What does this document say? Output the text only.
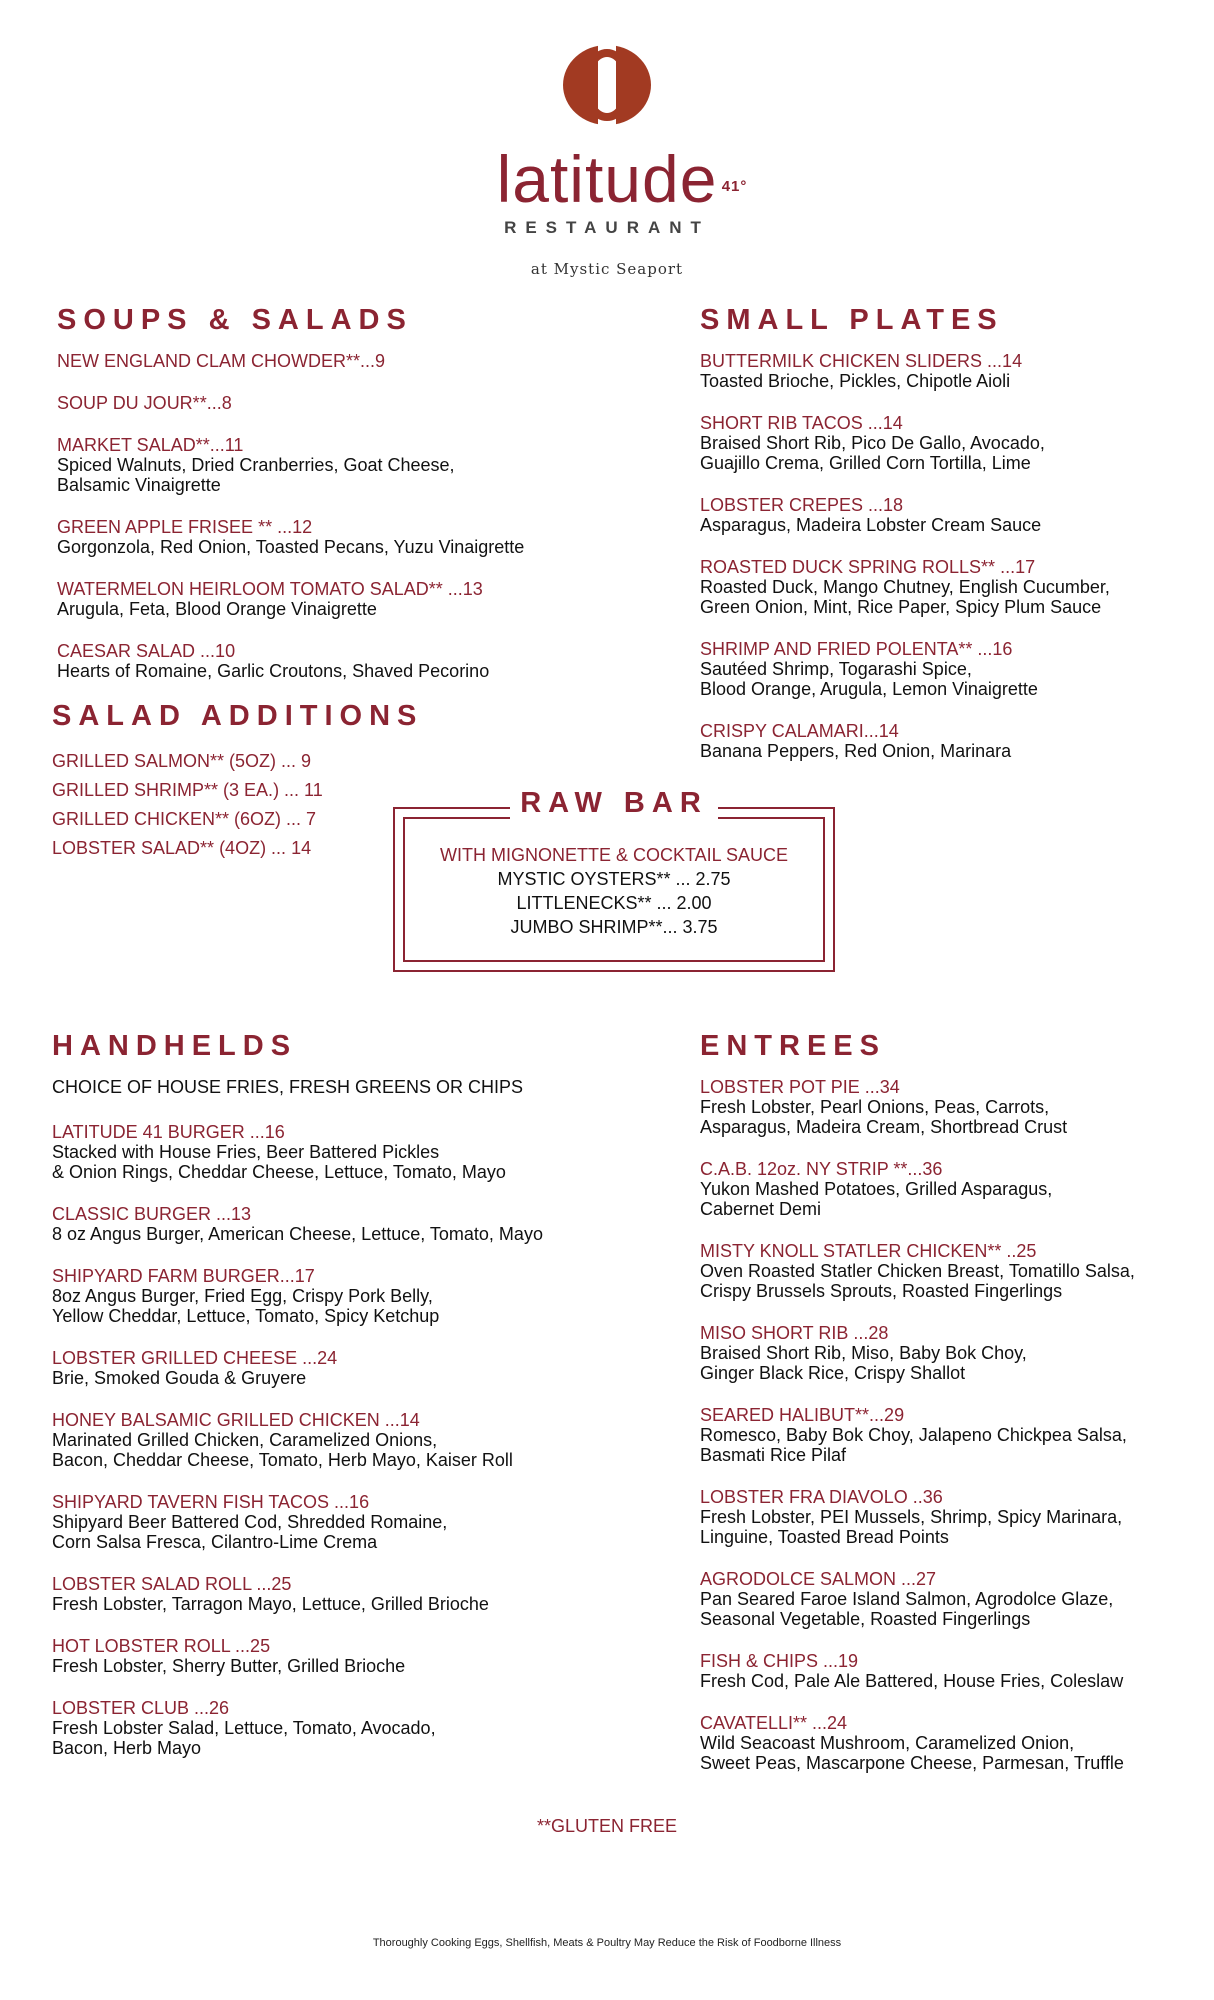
latitude 41°
RESTAURANT
at Mystic Seaport
SOUPS & SALADS
NEW ENGLAND CLAM CHOWDER**...9
SOUP DU JOUR**...8
MARKET SALAD**...11
Spiced Walnuts, Dried Cranberries, Goat Cheese,
Balsamic Vinaigrette
GREEN APPLE FRISEE ** ...12
Gorgonzola, Red Onion, Toasted Pecans, Yuzu Vinaigrette
WATERMELON HEIRLOOM TOMATO SALAD** ...13
Arugula, Feta, Blood Orange Vinaigrette
CAESAR SALAD ...10
Hearts of Romaine, Garlic Croutons, Shaved Pecorino
SMALL PLATES
BUTTERMILK CHICKEN SLIDERS ...14
Toasted Brioche, Pickles, Chipotle Aioli
SHORT RIB TACOS ...14
Braised Short Rib, Pico De Gallo, Avocado,
Guajillo Crema, Grilled Corn Tortilla, Lime
LOBSTER CREPES ...18
Asparagus, Madeira Lobster Cream Sauce
ROASTED DUCK SPRING ROLLS** ...17
Roasted Duck, Mango Chutney, English Cucumber,
Green Onion, Mint, Rice Paper, Spicy Plum Sauce
SHRIMP AND FRIED POLENTA** ...16
Sautéed Shrimp, Togarashi Spice,
Blood Orange, Arugula, Lemon Vinaigrette
CRISPY CALAMARI...14
Banana Peppers, Red Onion, Marinara
SALAD ADDITIONS
GRILLED SALMON** (5OZ) ... 9
GRILLED SHRIMP** (3 EA.) ... 11
GRILLED CHICKEN** (6OZ) ... 7
LOBSTER SALAD** (4OZ) ... 14
RAW BAR
WITH MIGNONETTE & COCKTAIL SAUCE
MYSTIC OYSTERS** ... 2.75
LITTLENECKS** ... 2.00
JUMBO SHRIMP**... 3.75
HANDHELDS
CHOICE OF HOUSE FRIES, FRESH GREENS OR CHIPS
LATITUDE 41 BURGER ...16
Stacked with House Fries, Beer Battered Pickles
& Onion Rings, Cheddar Cheese, Lettuce, Tomato, Mayo
CLASSIC BURGER ...13
8 oz Angus Burger, American Cheese, Lettuce, Tomato, Mayo
SHIPYARD FARM BURGER...17
8oz Angus Burger, Fried Egg, Crispy Pork Belly,
Yellow Cheddar, Lettuce, Tomato, Spicy Ketchup
LOBSTER GRILLED CHEESE ...24
Brie, Smoked Gouda & Gruyere
HONEY BALSAMIC GRILLED CHICKEN ...14
Marinated Grilled Chicken, Caramelized Onions,
Bacon, Cheddar Cheese, Tomato, Herb Mayo, Kaiser Roll
SHIPYARD TAVERN FISH TACOS ...16
Shipyard Beer Battered Cod, Shredded Romaine,
Corn Salsa Fresca, Cilantro-Lime Crema
LOBSTER SALAD ROLL ...25
Fresh Lobster, Tarragon Mayo, Lettuce, Grilled Brioche
HOT LOBSTER ROLL ...25
Fresh Lobster, Sherry Butter, Grilled Brioche
LOBSTER CLUB ...26
Fresh Lobster Salad, Lettuce, Tomato, Avocado,
Bacon, Herb Mayo
ENTREES
LOBSTER POT PIE ...34
Fresh Lobster, Pearl Onions, Peas, Carrots,
Asparagus, Madeira Cream, Shortbread Crust
C.A.B. 12oz. NY STRIP **...36
Yukon Mashed Potatoes, Grilled Asparagus,
Cabernet Demi
MISTY KNOLL STATLER CHICKEN** ..25
Oven Roasted Statler Chicken Breast, Tomatillo Salsa,
Crispy Brussels Sprouts, Roasted Fingerlings
MISO SHORT RIB ...28
Braised Short Rib, Miso, Baby Bok Choy,
Ginger Black Rice, Crispy Shallot
SEARED HALIBUT**...29
Romesco, Baby Bok Choy, Jalapeno Chickpea Salsa,
Basmati Rice Pilaf
LOBSTER FRA DIAVOLO ..36
Fresh Lobster, PEI Mussels, Shrimp, Spicy Marinara,
Linguine, Toasted Bread Points
AGRODOLCE SALMON ...27
Pan Seared Faroe Island Salmon, Agrodolce Glaze,
Seasonal Vegetable, Roasted Fingerlings
FISH & CHIPS ...19
Fresh Cod, Pale Ale Battered, House Fries, Coleslaw
CAVATELLI** ...24
Wild Seacoast Mushroom, Caramelized Onion,
Sweet Peas, Mascarpone Cheese, Parmesan, Truffle
**GLUTEN FREE
Thoroughly Cooking Eggs, Shellfish, Meats & Poultry May Reduce the Risk of Foodborne Illness
